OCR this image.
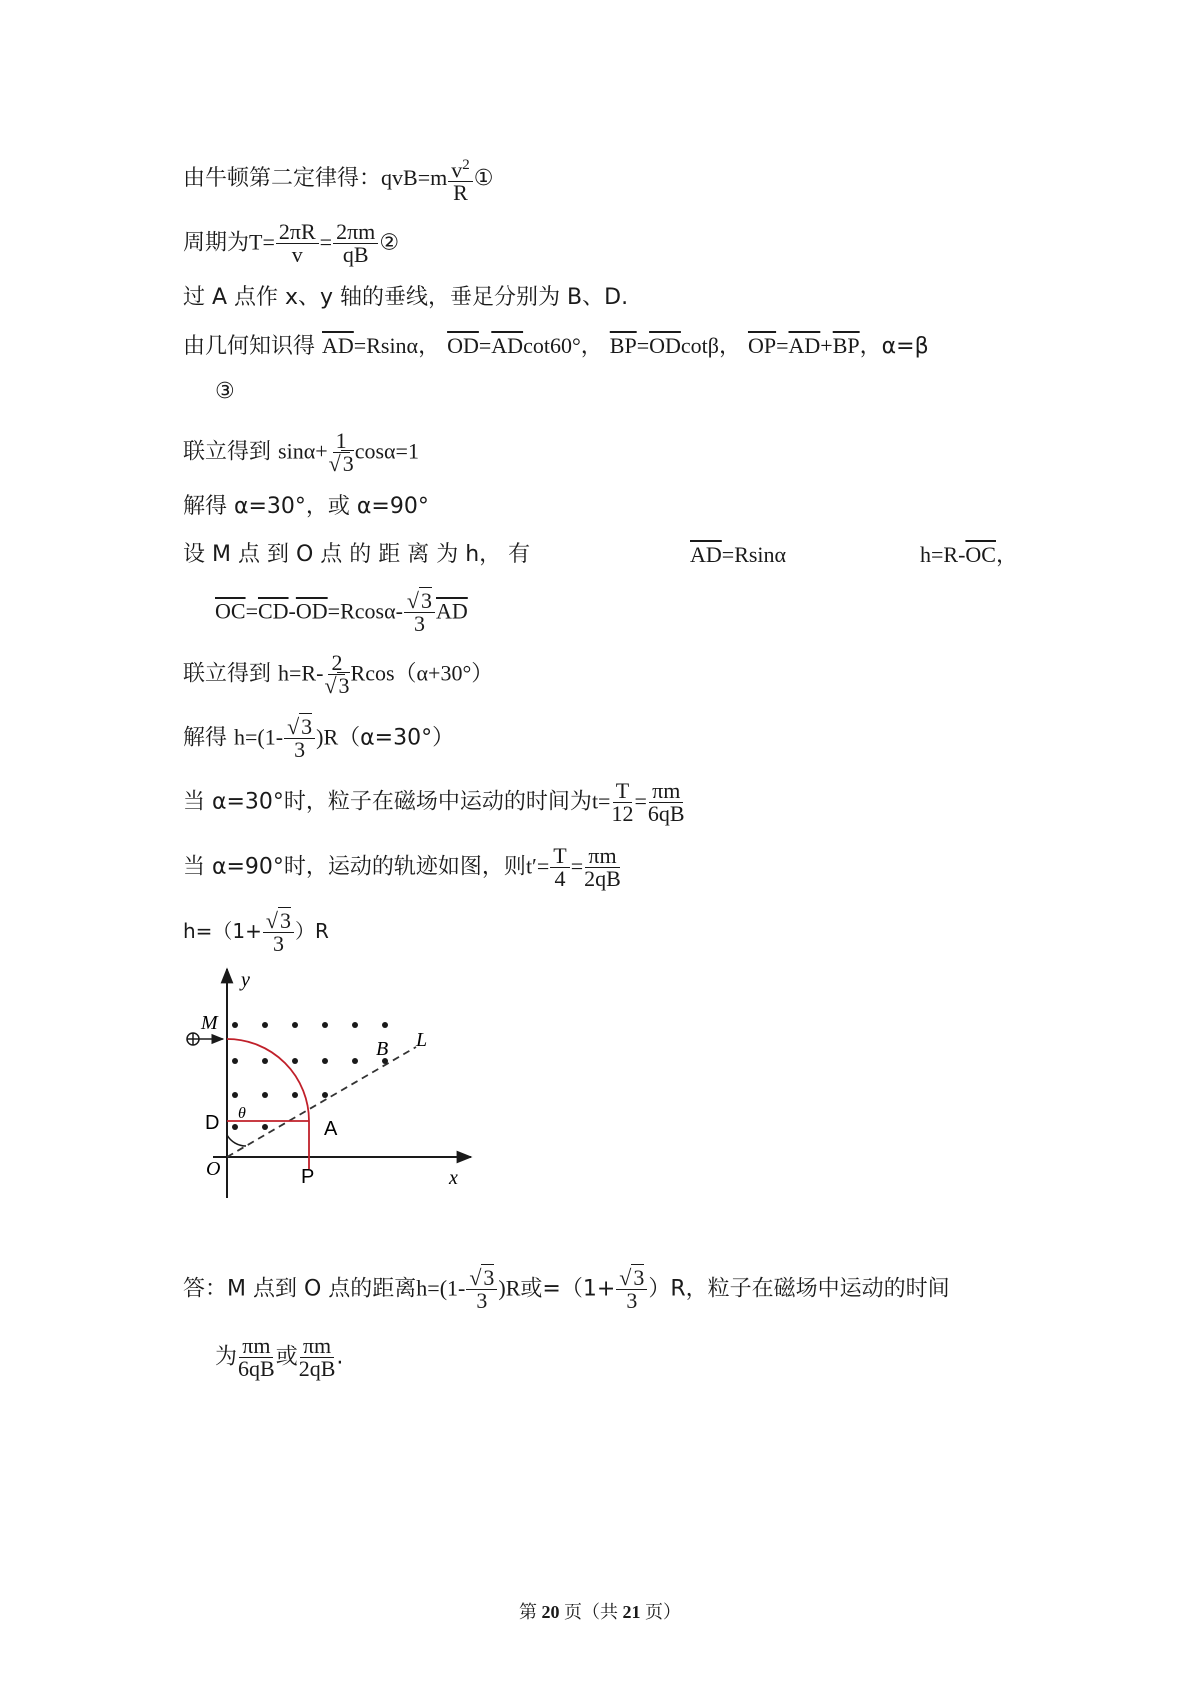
由牛顿第二定律得：$qvB=m \frac{v^2}{R}$ ①
周期为$T= \frac{2\pi R}{v} = \frac{2\pi m}{qB}$ ②
过 A 点作 x、y 轴的垂线，垂足分别为 B、D.
由几何知识得 $\overline{AD}=Rsin\alpha$， $\overline{OD}=\overline{AD}\cot 60^\circ$， $\overline{BP}=\overline{OD}\cot\beta$， $\overline{OP}=\overline{AD}+\overline{BP}$，α=β
③
联立得到 $\sin\alpha+ \frac{1}{√3} \cos\alpha=1$
解得 α=30°，或 α=90°
设 M 点 到 O 点 的 距 离 为 h， 有	$\overline{AD}=Rsin\alpha$	$h=R-\overline{OC}$，
$\overline{OC}=\overline{CD}-\overline{OD}=Rcos\alpha- \frac{√3}{3} \overline{AD}$
联立得到 $h=R- \frac{2}{√3} Rcos(\alpha+30^\circ)$
解得 $h=(1- \frac{√3}{3} )R(\alpha=30^\circ)$
当 α=30°时，粒子在磁场中运动的时间为$t= \frac{T}{12} = \frac{\pi m}{6qB}$
当 α=90°时，运动的轨迹如图，则$t'= \frac{T}{4} = \frac{\pi m}{2qB}$
$h=(1+ \frac{√3}{3} )R$
y
x
O
M
B L
D	A
P
θ
答：M 点到 O 点的距离$h=(1- \frac{√3}{3} )R$或$=(1+ \frac{√3}{3} )R$，粒子在磁场中运动的时间
为 $\frac{\pi m}{6qB}$ 或 $\frac{\pi m}{2qB}$ .
第 20 页（共 21 页）
